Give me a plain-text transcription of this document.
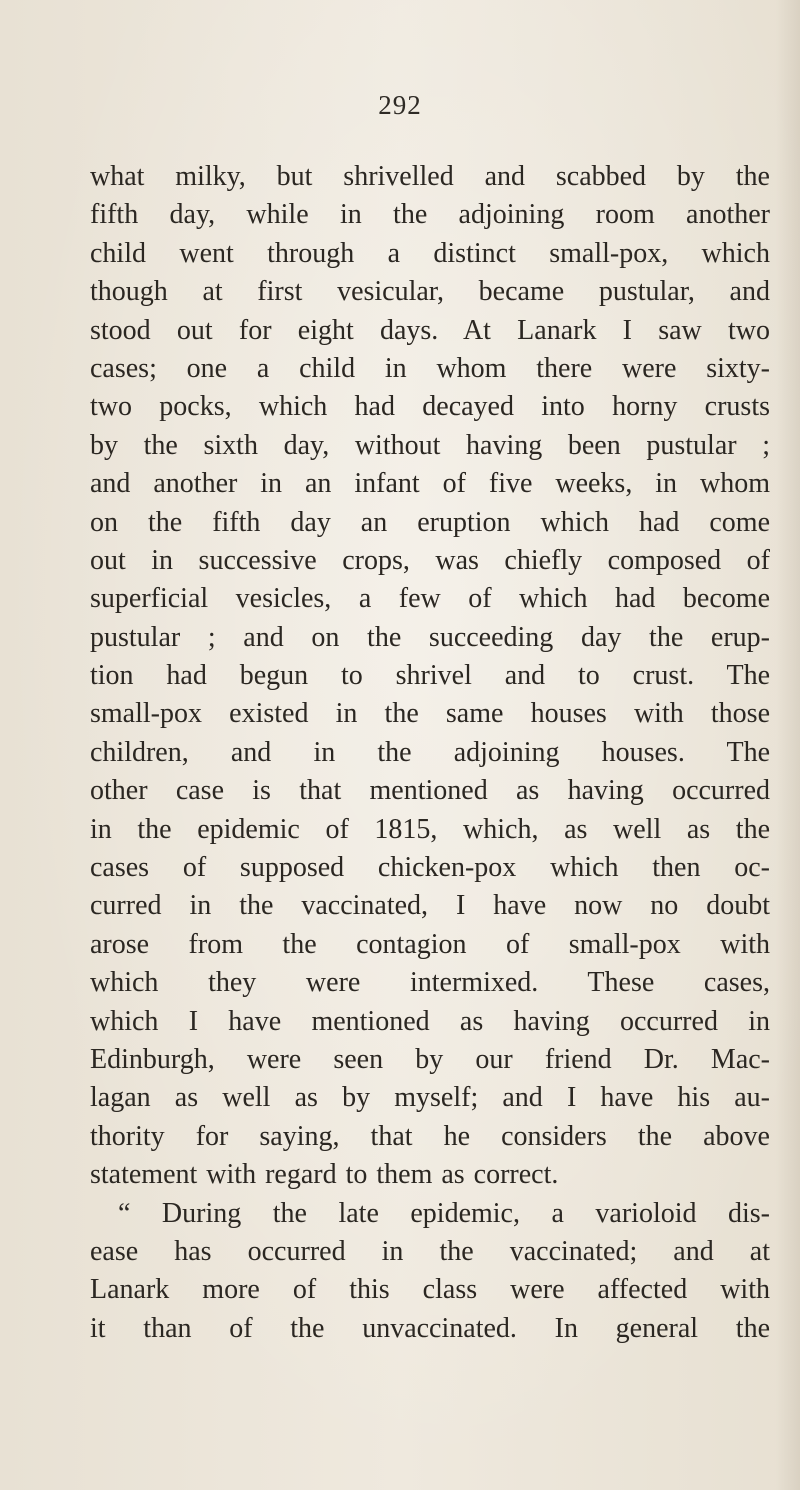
292
what milky, but shrivelled and scabbed by the
fifth day, while in the adjoining room another
child went through a distinct small-pox, which
though at first vesicular, became pustular, and
stood out for eight days. At Lanark I saw two
cases; one a child in whom there were sixty-
two pocks, which had decayed into horny crusts
by the sixth day, without having been pustular ;
and another in an infant of five weeks, in whom
on the fifth day an eruption which had come
out in successive crops, was chiefly composed of
superficial vesicles, a few of which had become
pustular ; and on the succeeding day the erup-
tion had begun to shrivel and to crust. The
small-pox existed in the same houses with those
children, and in the adjoining houses. The
other case is that mentioned as having occurred
in the epidemic of 1815, which, as well as the
cases of supposed chicken-pox which then oc-
curred in the vaccinated, I have now no doubt
arose from the contagion of small-pox with
which they were intermixed. These cases,
which I have mentioned as having occurred in
Edinburgh, were seen by our friend Dr. Mac-
lagan as well as by myself; and I have his au-
thority for saying, that he considers the above
statement with regard to them as correct.
“ During the late epidemic, a varioloid dis-
ease has occurred in the vaccinated; and at
Lanark more of this class were affected with
it than of the unvaccinated. In general the
